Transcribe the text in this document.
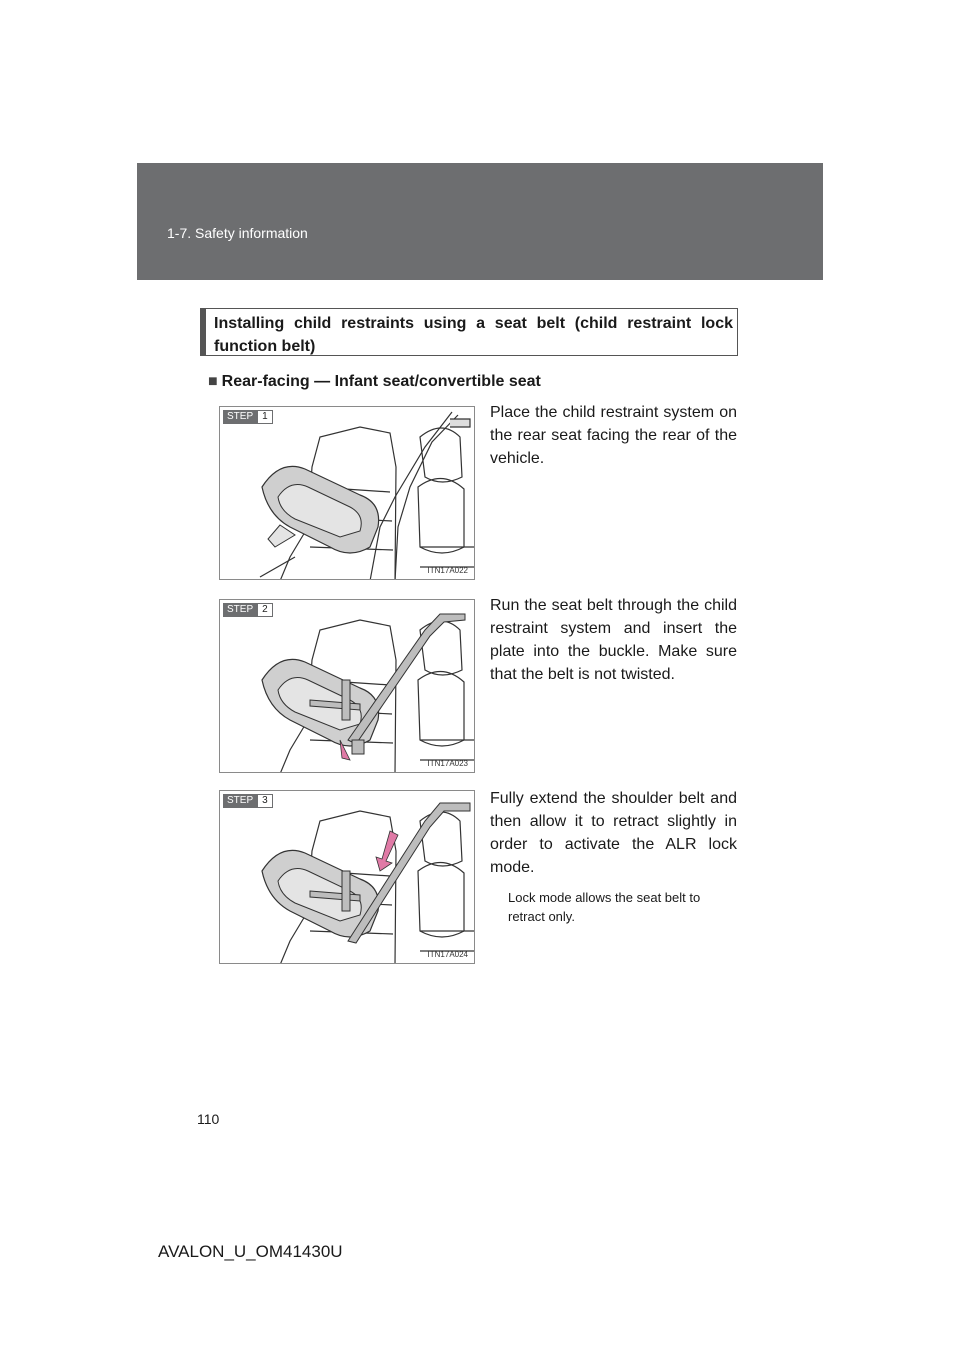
1-7. Safety information
Installing child restraints using a seat belt (child restraint lock function belt)
■ Rear-facing — Infant seat/convertible seat
STEP 1
ITN17A022
Place the child restraint system on the rear seat facing the rear of the vehicle.
STEP 2
ITN17A023
Run the seat belt through the child restraint system and insert the plate into the buckle. Make sure that the belt is not twisted.
STEP 3
ITN17A024
Fully extend the shoulder belt and then allow it to retract slightly in order to activate the ALR lock mode.
Lock mode allows the seat belt to retract only.
110
AVALON_U_OM41430U
